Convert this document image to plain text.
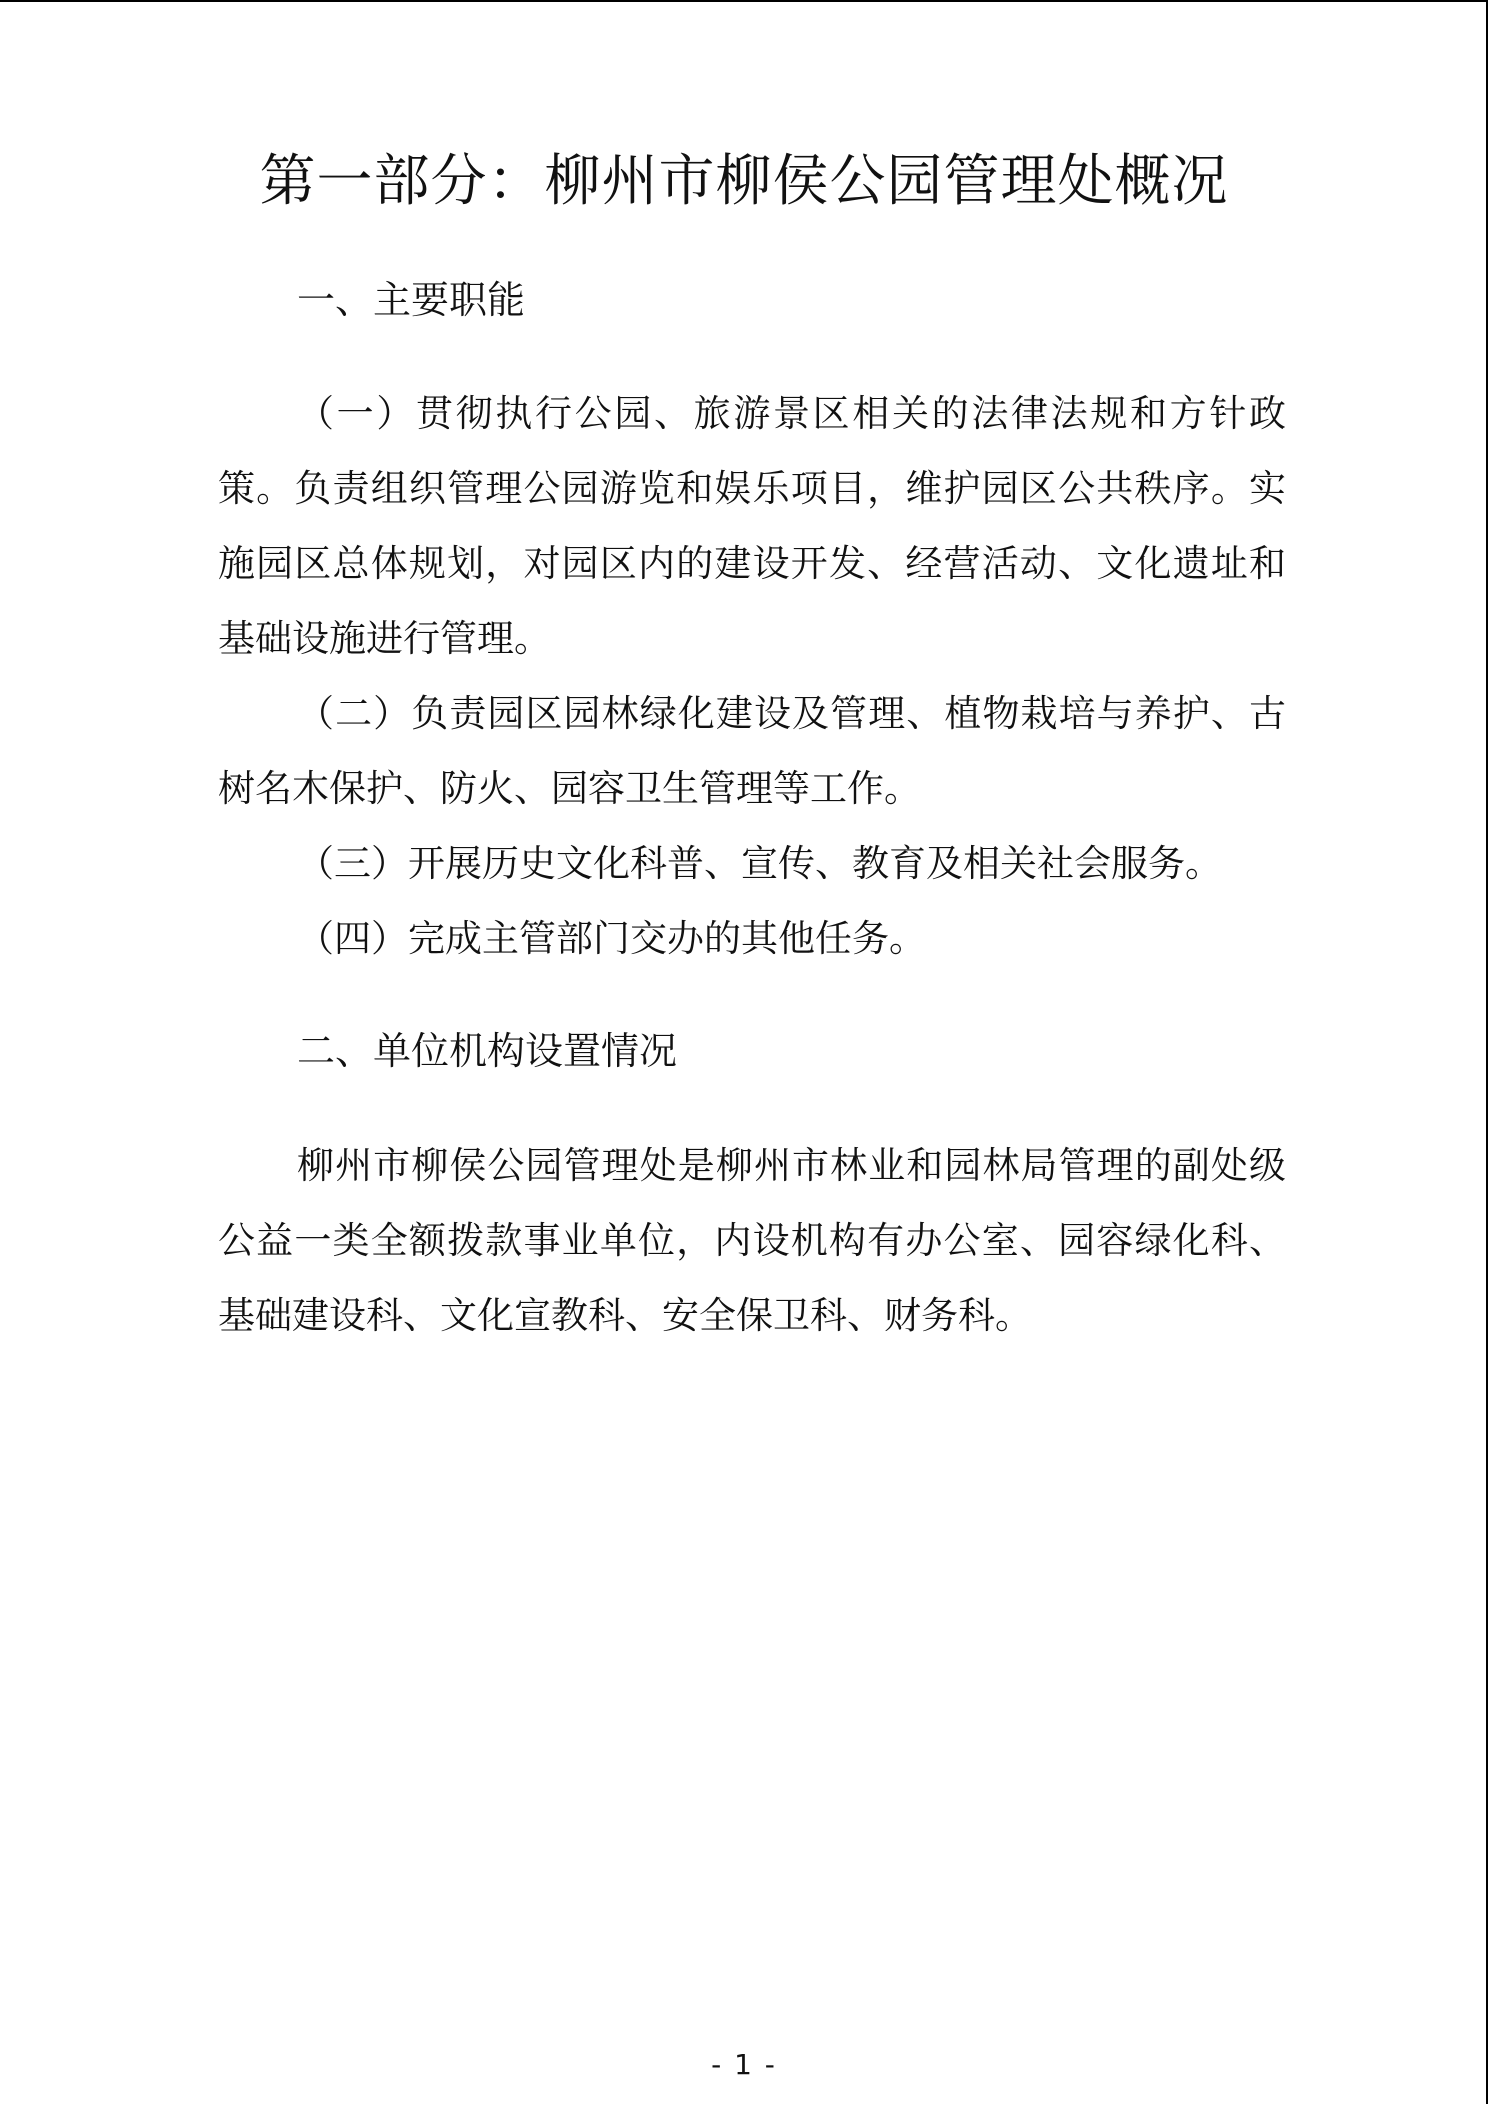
第一部分：柳州市柳侯公园管理处概况
一、主要职能

（一）贯彻执行公园、旅游景区相关的法律法规和方针政策。负责组织管理公园游览和娱乐项目，维护园区公共秩序。实施园区总体规划，对园区内的建设开发、经营活动、文化遗址和基础设施进行管理。

（二）负责园区园林绿化建设及管理、植物栽培与养护、古树名木保护、防火、园容卫生管理等工作。

（三）开展历史文化科普、宣传、教育及相关社会服务。

（四）完成主管部门交办的其他任务。

二、单位机构设置情况

柳州市柳侯公园管理处是柳州市林业和园林局管理的副处级公益一类全额拨款事业单位，内设机构有办公室、园容绿化科、基础建设科、文化宣教科、安全保卫科、财务科。

- 1 -
